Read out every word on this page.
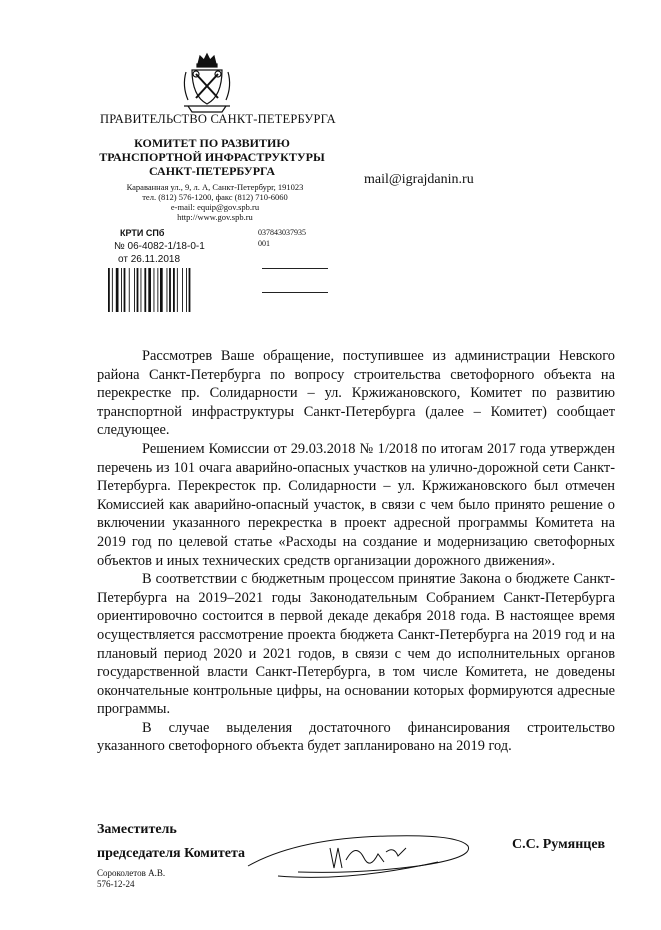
ПРАВИТЕЛЬСТВО САНКТ-ПЕТЕРБУРГА
КОМИТЕТ ПО РАЗВИТИЮ
ТРАНСПОРТНОЙ ИНФРАСТРУКТУРЫ
САНКТ-ПЕТЕРБУРГА
Караванная ул., 9, л. А, Санкт-Петербург, 191023
тел. (812) 576-1200, факс (812) 710-6060
e-mail: equip@gov.spb.ru
http://www.gov.spb.ru
mail@igrajdanin.ru
КРТИ СПб
№ 06-4082-1/18-0-1
от 26.11.2018
037843037935
001

Рассмотрев Ваше обращение, поступившее из администрации Невского района Санкт-Петербурга по вопросу строительства светофорного объекта на перекрестке пр. Солидарности – ул. Кржижановского, Комитет по развитию транспортной инфраструктуры Санкт-Петербурга (далее – Комитет) сообщает следующее.

Решением Комиссии от 29.03.2018 № 1/2018 по итогам 2017 года утвержден перечень из 101 очага аварийно-опасных участков на улично-дорожной сети Санкт-Петербурга. Перекресток пр. Солидарности – ул. Кржижановского был отмечен Комиссией как аварийно-опасный участок, в связи с чем было принято решение о включении указанного перекрестка в проект адресной программы Комитета на 2019 год по целевой статье «Расходы на создание и модернизацию светофорных объектов и иных технических средств организации дорожного движения».

В соответствии с бюджетным процессом принятие Закона о бюджете Санкт-Петербурга на 2019–2021 годы Законодательным Собранием Санкт-Петербурга ориентировочно состоится в первой декаде декабря 2018 года. В настоящее время осуществляется рассмотрение проекта бюджета Санкт-Петербурга на 2019 год и на плановый период 2020 и 2021 годов, в связи с чем до исполнительных органов государственной власти Санкт-Петербурга, в том числе Комитета, не доведены окончательные контрольные цифры, на основании которых формируются адресные программы.

В случае выделения достаточного финансирования строительство указанного светофорного объекта будет запланировано на 2019 год.

Заместитель
председателя Комитета
С.С. Румянцев
Сороколетов А.В.
576-12-24
